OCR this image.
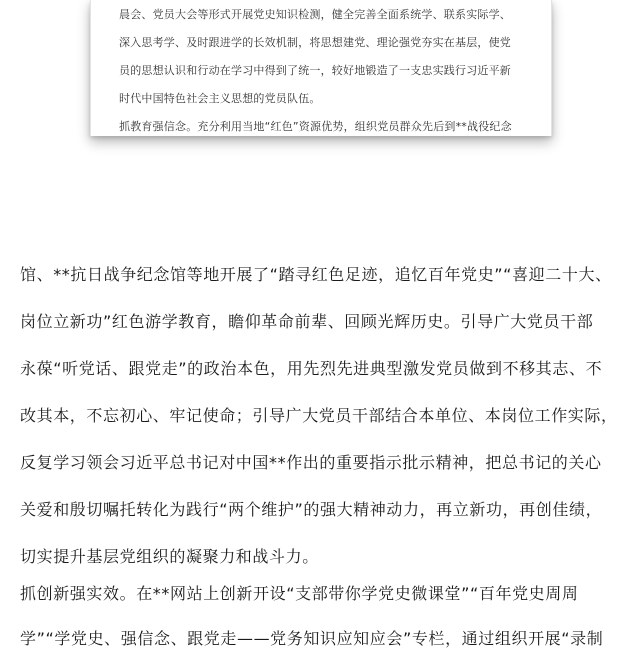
晨会、党员大会等形式开展党史知识检测，健全完善全面系统学、联系实际学、
深入思考学、及时跟进学的长效机制，将思想建党、理论强党夯实在基层，使党
员的思想认识和行动在学习中得到了统一，较好地锻造了一支忠实践行习近平新
时代中国特色社会主义思想的党员队伍。
抓教育强信念。充分利用当地“红色”资源优势，组织党员群众先后到**战役纪念
馆、**抗日战争纪念馆等地开展了“踏寻红色足迹，追忆百年党史”“喜迎二十大、
岗位立新功”红色游学教育，瞻仰革命前辈、回顾光辉历史。引导广大党员干部
永葆“听党话、跟党走”的政治本色，用先烈先进典型激发党员做到不移其志、不
改其本，不忘初心、牢记使命；引导广大党员干部结合本单位、本岗位工作实际，
反复学习领会习近平总书记对中国**作出的重要指示批示精神，把总书记的关心
关爱和殷切嘱托转化为践行“两个维护”的强大精神动力，再立新功，再创佳绩，
切实提升基层党组织的凝聚力和战斗力。
抓创新强实效。在**网站上创新开设“支部带你学党史微课堂”“百年党史周周
学”“学党史、强信念、跟党走——党务知识应知应会”专栏，通过组织开展“录制
